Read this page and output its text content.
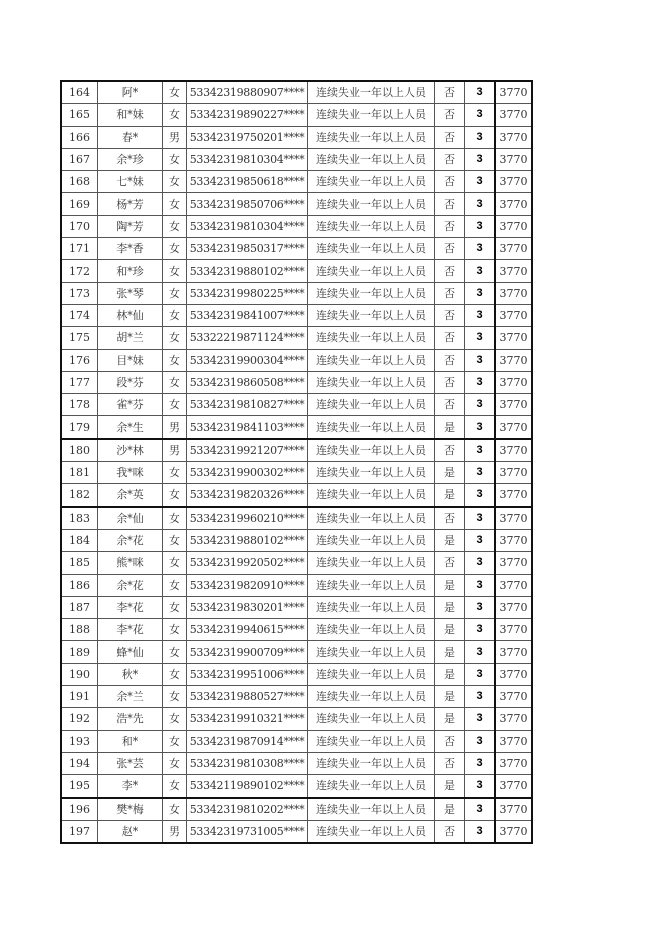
164	阿*	女	53342319880907****	连续失业一年以上人员	否	3	3770
165	和*妹	女	53342319890227****	连续失业一年以上人员	否	3	3770
166	春*	男	53342319750201****	连续失业一年以上人员	否	3	3770
167	余*珍	女	53342319810304****	连续失业一年以上人员	否	3	3770
168	七*妹	女	53342319850618****	连续失业一年以上人员	否	3	3770
169	杨*芳	女	53342319850706****	连续失业一年以上人员	否	3	3770
170	陶*芳	女	53342319810304****	连续失业一年以上人员	否	3	3770
171	李*香	女	53342319850317****	连续失业一年以上人员	否	3	3770
172	和*珍	女	53342319880102****	连续失业一年以上人员	否	3	3770
173	张*琴	女	53342319980225****	连续失业一年以上人员	否	3	3770
174	林*仙	女	53342319841007****	连续失业一年以上人员	否	3	3770
175	胡*兰	女	53322219871124****	连续失业一年以上人员	否	3	3770
176	目*妹	女	53342319900304****	连续失业一年以上人员	否	3	3770
177	段*芬	女	53342319860508****	连续失业一年以上人员	否	3	3770
178	雀*芬	女	53342319810827****	连续失业一年以上人员	否	3	3770
179	余*生	男	53342319841103****	连续失业一年以上人员	是	3	3770
180	沙*林	男	53342319921207****	连续失业一年以上人员	否	3	3770
181	我*咪	女	53342319900302****	连续失业一年以上人员	是	3	3770
182	余*英	女	53342319820326****	连续失业一年以上人员	是	3	3770
183	余*仙	女	53342319960210****	连续失业一年以上人员	否	3	3770
184	余*花	女	53342319880102****	连续失业一年以上人员	是	3	3770
185	熊*咪	女	53342319920502****	连续失业一年以上人员	否	3	3770
186	余*花	女	53342319820910****	连续失业一年以上人员	是	3	3770
187	李*花	女	53342319830201****	连续失业一年以上人员	是	3	3770
188	李*花	女	53342319940615****	连续失业一年以上人员	是	3	3770
189	蜂*仙	女	53342319900709****	连续失业一年以上人员	是	3	3770
190	秋*	女	53342319951006****	连续失业一年以上人员	是	3	3770
191	余*兰	女	53342319880527****	连续失业一年以上人员	是	3	3770
192	浩*先	女	53342319910321****	连续失业一年以上人员	是	3	3770
193	和*	女	53342319870914****	连续失业一年以上人员	否	3	3770
194	张*芸	女	53342319810308****	连续失业一年以上人员	否	3	3770
195	李*	女	53342119890102****	连续失业一年以上人员	是	3	3770
196	樊*梅	女	53342319810202****	连续失业一年以上人员	是	3	3770
197	赵*	男	53342319731005****	连续失业一年以上人员	否	3	3770
